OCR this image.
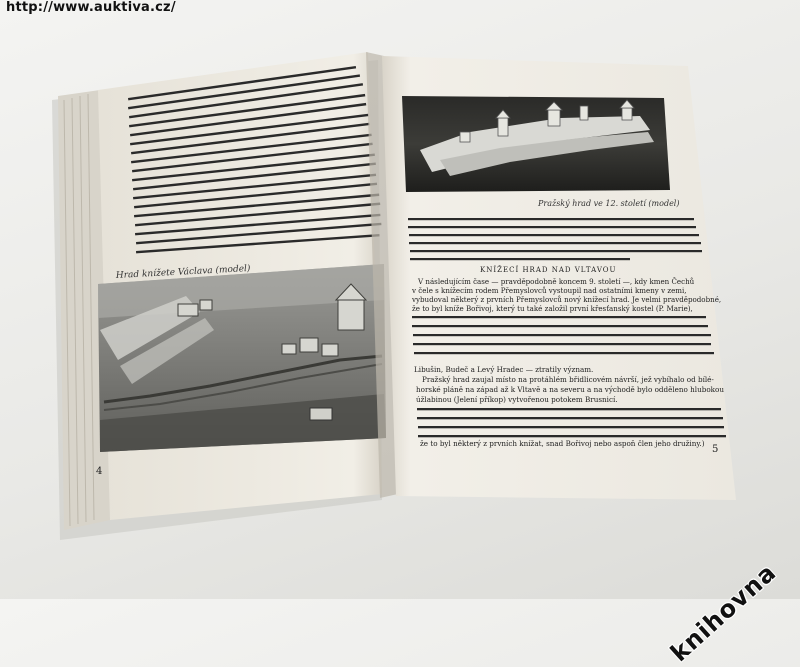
http://www.auktiva.cz/
Hrad knížete Václava (model)
4
Pražský hrad ve 12. století (model)
KNÍŽECÍ HRAD NAD VLTAVOU
V následujícím čase — pravděpodobně koncem 9. století —, kdy kmen Čechů
v čele s knížecím rodem Přemyslovců vystoupil nad ostatními kmeny v zemi,
vybudoval některý z prvních Přemyslovců nový knížecí hrad. Je velmi pravděpodobné,
že to byl kníže Bořivoj, který tu také založil první křesťanský kostel (P. Marie),
Libušin, Budeč a Levý Hradec — ztratily význam.
Pražský hrad zaujal místo na protáhlém břidlicovém návrší, jež vybíhalo od bílé-
horské pláně na západ až k Vltavě a na severu a na východě bylo odděleno hlubokou
úžlabinou (Jelení příkop) vytvořenou potokem Brusnicí.
že to byl některý z prvních knížat, snad Bořivoj nebo aspoň člen jeho družiny.)
5
knihovna
